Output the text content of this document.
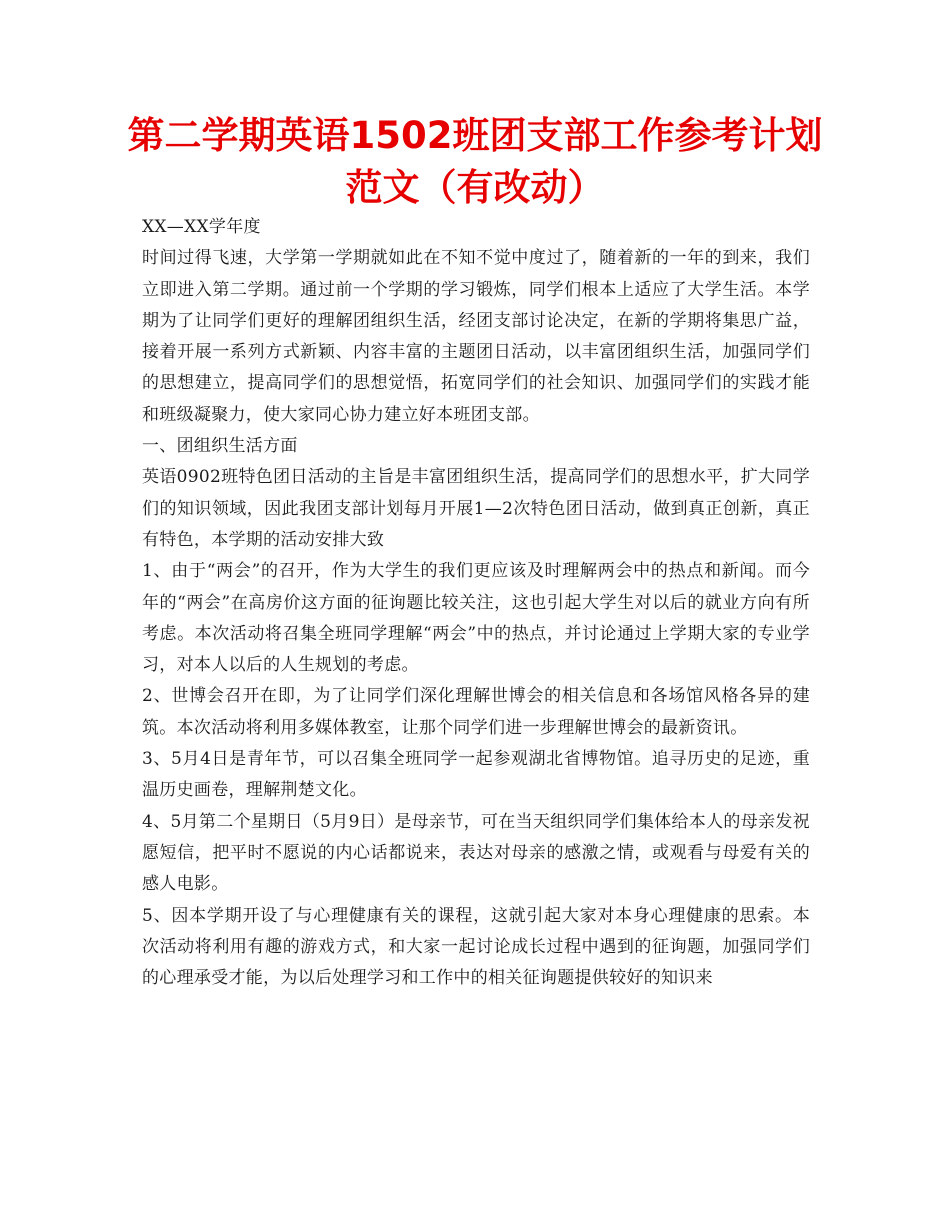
第二学期英语1502班团支部工作参考计划范文（有改动）

XX—XX学年度

时间过得飞速，大学第一学期就如此在不知不觉中度过了，随着新的一年的到来，我们立即进入第二学期。通过前一个学期的学习锻炼，同学们根本上适应了大学生活。本学期为了让同学们更好的理解团组织生活，经团支部讨论决定，在新的学期将集思广益，接着开展一系列方式新颖、内容丰富的主题团日活动，以丰富团组织生活，加强同学们的思想建立，提高同学们的思想觉悟，拓宽同学们的社会知识、加强同学们的实践才能和班级凝聚力，使大家同心协力建立好本班团支部。

一、团组织生活方面

英语0902班特色团日活动的主旨是丰富团组织生活，提高同学们的思想水平，扩大同学们的知识领域，因此我团支部计划每月开展1—2次特色团日活动，做到真正创新，真正有特色，本学期的活动安排大致

1、由于“两会”的召开，作为大学生的我们更应该及时理解两会中的热点和新闻。而今年的“两会”在高房价这方面的征询题比较关注，这也引起大学生对以后的就业方向有所考虑。本次活动将召集全班同学理解“两会”中的热点，并讨论通过上学期大家的专业学习，对本人以后的人生规划的考虑。

2、世博会召开在即，为了让同学们深化理解世博会的相关信息和各场馆风格各异的建筑。本次活动将利用多媒体教室，让那个同学们进一步理解世博会的最新资讯。

3、5月4日是青年节，可以召集全班同学一起参观湖北省博物馆。追寻历史的足迹，重温历史画卷，理解荆楚文化。

4、5月第二个星期日（5月9日）是母亲节，可在当天组织同学们集体给本人的母亲发祝愿短信，把平时不愿说的内心话都说来，表达对母亲的感激之情，或观看与母爱有关的感人电影。

5、因本学期开设了与心理健康有关的课程，这就引起大家对本身心理健康的思索。本次活动将利用有趣的游戏方式，和大家一起讨论成长过程中遇到的征询题，加强同学们的心理承受才能，为以后处理学习和工作中的相关征询题提供较好的知识来
